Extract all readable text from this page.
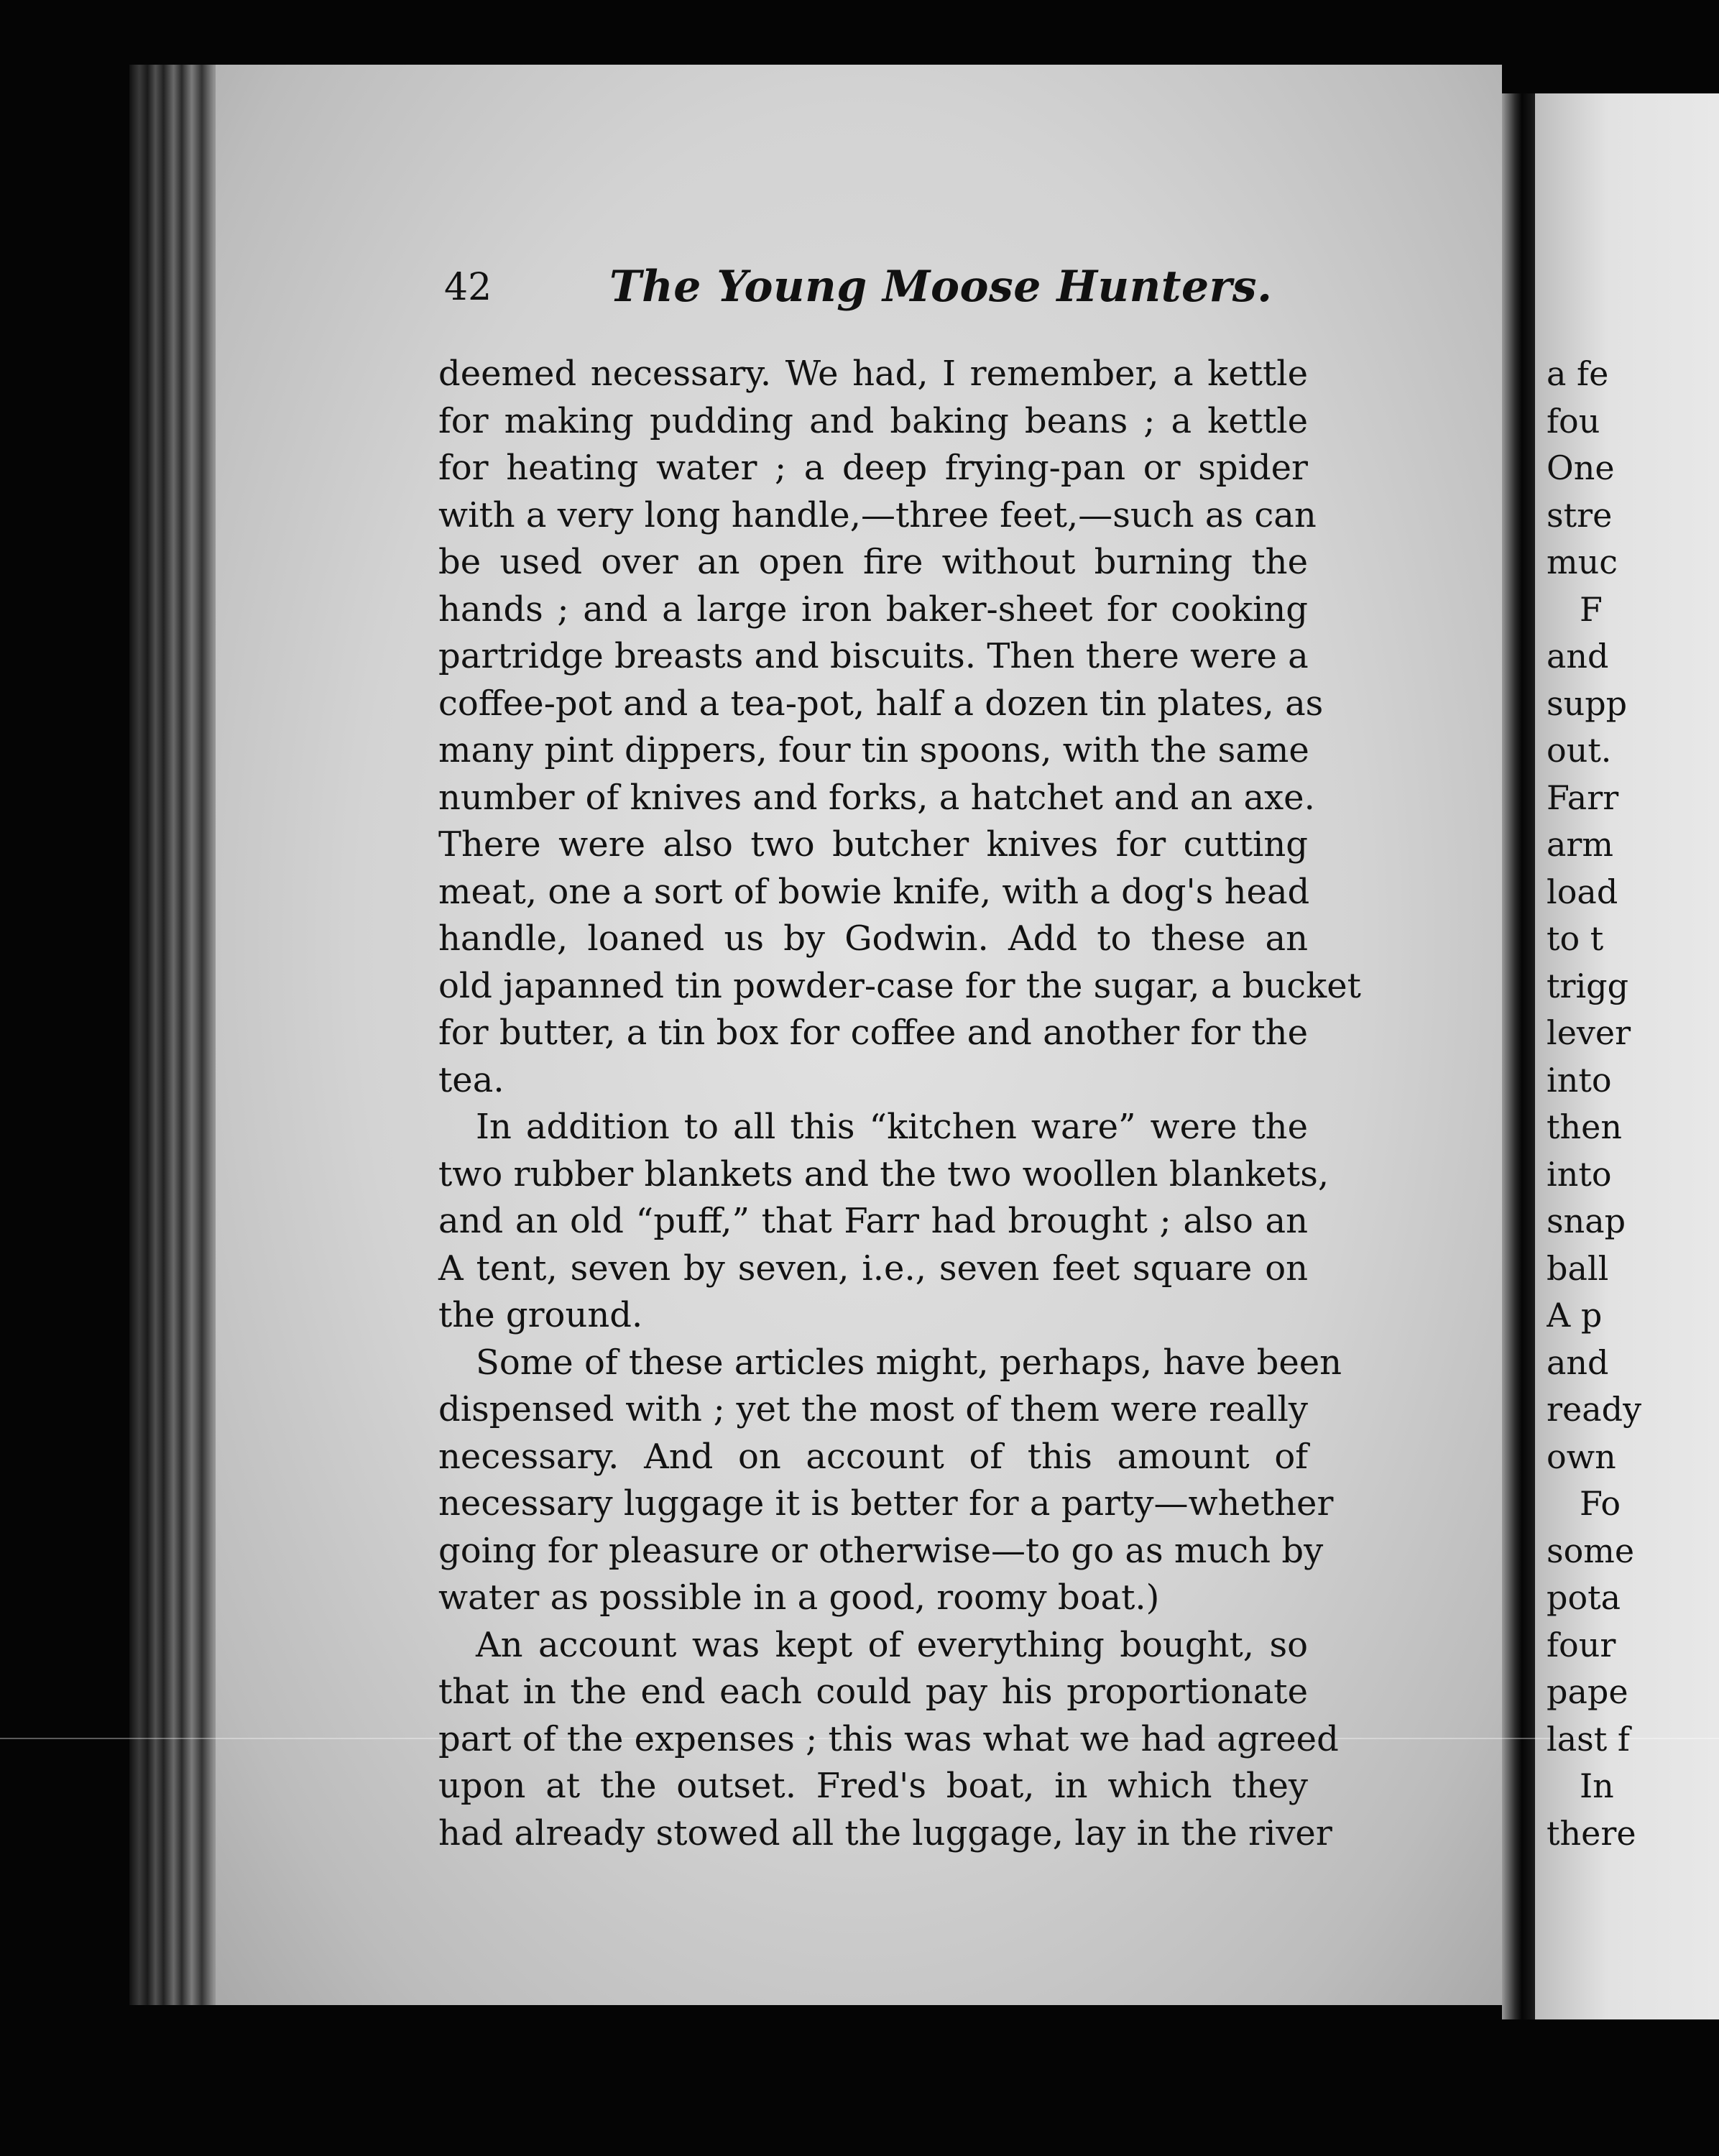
42	The Young Moose Hunters.
deemed necessary. We had, I remember, a kettle
for making pudding and baking beans ; a kettle
for heating water ; a deep frying-pan or spider
with a very long handle,—three feet,—such as can
be used over an open fire without burning the
hands ; and a large iron baker-sheet for cooking
partridge breasts and biscuits. Then there were a
coffee-pot and a tea-pot, half a dozen tin plates, as
many pint dippers, four tin spoons, with the same
number of knives and forks, a hatchet and an axe.
There were also two butcher knives for cutting
meat, one a sort of bowie knife, with a dog's head
handle, loaned us by Godwin. Add to these an
old japanned tin powder-case for the sugar, a bucket
for butter, a tin box for coffee and another for the
tea.
In addition to all this “kitchen ware” were the
two rubber blankets and the two woollen blankets,
and an old “puff,” that Farr had brought ; also an
A tent, seven by seven, i.e., seven feet square on
the ground.
Some of these articles might, perhaps, have been
dispensed with ; yet the most of them were really
necessary. And on account of this amount of
necessary luggage it is better for a party—whether
going for pleasure or otherwise—to go as much by
water as possible in a good, roomy boat.)
An account was kept of everything bought, so
that in the end each could pay his proportionate
part of the expenses ; this was what we had agreed
upon at the outset. Fred's boat, in which they
had already stowed all the luggage, lay in the river
a fe
fou
One
stre
muc
F
and
supp
out.
Farr
arm
load
to t
trigg
lever
into
then
into
snap
ball
A p
and
ready
own
Fo
some
pota
four
pape
last f
In
there
